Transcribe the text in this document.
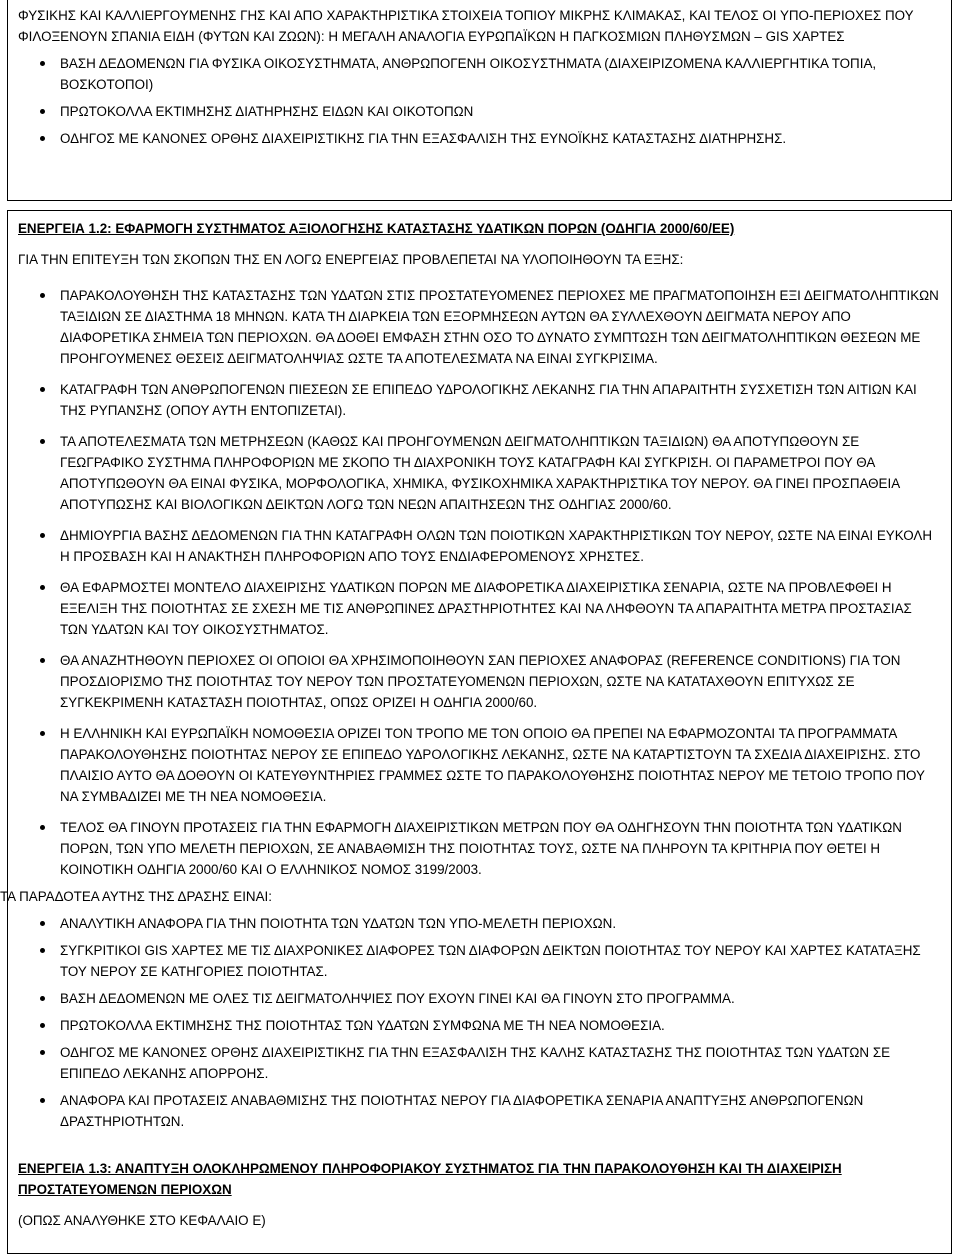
ΦΥΣΙΚΗΣ ΚΑΙ ΚΑΛΛΙΕΡΓΟΥΜΕΝΗΣ ΓΗΣ ΚΑΙ ΑΠΟ ΧΑΡΑΚΤΗΡΙΣΤΙΚΑ ΣΤΟΙΧΕΙΑ ΤΟΠΙΟΥ ΜΙΚΡΗΣ ΚΛΙΜΑΚΑΣ, ΚΑΙ ΤΕΛΟΣ ΟΙ ΥΠΟ-ΠΕΡΙΟΧΕΣ ΠΟΥ ΦΙΛΟΞΕΝΟΥΝ ΣΠΑΝΙΑ ΕΙΔΗ (ΦΥΤΩΝ ΚΑΙ ΖΩΩΝ): Η ΜΕΓΑΛΗ ΑΝΑΛΟΓΙΑ ΕΥΡΩΠΑΪΚΩΝ Η ΠΑΓΚΟΣΜΙΩΝ ΠΛΗΘΥΣΜΩΝ – GIS ΧΑΡΤΕΣ

ΒΑΣΗ ΔΕΔΟΜΕΝΩΝ ΓΙΑ ΦΥΣΙΚΑ ΟΙΚΟΣΥΣΤΗΜΑΤΑ, ΑΝΘΡΩΠΟΓΕΝΗ ΟΙΚΟΣΥΣΤΗΜΑΤΑ (ΔΙΑΧΕΙΡΙΖΟΜΕΝΑ ΚΑΛΛΙΕΡΓΗΤΙΚΑ ΤΟΠΙΑ, ΒΟΣΚΟΤΟΠΟΙ)
ΠΡΩΤΟΚΟΛΛΑ ΕΚΤΙΜΗΣΗΣ ΔΙΑΤΗΡΗΣΗΣ ΕΙΔΩΝ ΚΑΙ ΟΙΚΟΤΟΠΩΝ
ΟΔΗΓΟΣ ΜΕ ΚΑΝΟΝΕΣ ΟΡΘΗΣ ΔΙΑΧΕΙΡΙΣΤΙΚΗΣ ΓΙΑ ΤΗΝ ΕΞΑΣΦΑΛΙΣΗ ΤΗΣ ΕΥΝΟΪΚΗΣ ΚΑΤΑΣΤΑΣΗΣ ΔΙΑΤΗΡΗΣΗΣ.

ΕΝΕΡΓΕΙΑ 1.2: ΕΦΑΡΜΟΓΗ ΣΥΣΤΗΜΑΤΟΣ ΑΞΙΟΛΟΓΗΣΗΣ ΚΑΤΑΣΤΑΣΗΣ ΥΔΑΤΙΚΩΝ ΠΟΡΩΝ (ΟΔΗΓΙΑ 2000/60/ΕΕ)

ΓΙΑ ΤΗΝ ΕΠΙΤΕΥΞΗ ΤΩΝ ΣΚΟΠΩΝ ΤΗΣ ΕΝ ΛΟΓΩ ΕΝΕΡΓΕΙΑΣ ΠΡΟΒΛΕΠΕΤΑΙ ΝΑ ΥΛΟΠΟΙΗΘΟΥΝ ΤΑ ΕΞΗΣ:

ΠΑΡΑΚΟΛΟΥΘΗΣΗ ΤΗΣ ΚΑΤΑΣΤΑΣΗΣ ΤΩΝ ΥΔΑΤΩΝ ΣΤΙΣ ΠΡΟΣΤΑΤΕΥΟΜΕΝΕΣ ΠΕΡΙΟΧΕΣ ΜΕ ΠΡΑΓΜΑΤΟΠΟΙΗΣΗ ΕΞΙ ΔΕΙΓΜΑΤΟΛΗΠΤΙΚΩΝ ΤΑΞΙΔΙΩΝ ΣΕ ΔΙΑΣΤΗΜΑ 18 ΜΗΝΩΝ. ΚΑΤΑ ΤΗ ΔΙΑΡΚΕΙΑ ΤΩΝ ΕΞΟΡΜΗΣΕΩΝ ΑΥΤΩΝ ΘΑ ΣΥΛΛΕΧΘΟΥΝ ΔΕΙΓΜΑΤΑ ΝΕΡΟΥ ΑΠΟ ΔΙΑΦΟΡΕΤΙΚΑ ΣΗΜΕΙΑ ΤΩΝ ΠΕΡΙΟΧΩΝ. ΘΑ ΔΟΘΕΙ ΕΜΦΑΣΗ ΣΤΗΝ ΟΣΟ ΤΟ ΔΥΝΑΤΟ ΣΥΜΠΤΩΣΗ ΤΩΝ ΔΕΙΓΜΑΤΟΛΗΠΤΙΚΩΝ ΘΕΣΕΩΝ ΜΕ ΠΡΟΗΓΟΥΜΕΝΕΣ ΘΕΣΕΙΣ ΔΕΙΓΜΑΤΟΛΗΨΙΑΣ ΩΣΤΕ ΤΑ ΑΠΟΤΕΛΕΣΜΑΤΑ ΝΑ ΕΙΝΑΙ ΣΥΓΚΡΙΣΙΜΑ.
ΚΑΤΑΓΡΑΦΗ ΤΩΝ ΑΝΘΡΩΠΟΓΕΝΩΝ ΠΙΕΣΕΩΝ ΣΕ ΕΠΙΠΕΔΟ ΥΔΡΟΛΟΓΙΚΗΣ ΛΕΚΑΝΗΣ ΓΙΑ ΤΗΝ ΑΠΑΡΑΙΤΗΤΗ ΣΥΣΧΕΤΙΣΗ ΤΩΝ ΑΙΤΙΩΝ ΚΑΙ ΤΗΣ ΡΥΠΑΝΣΗΣ (ΟΠΟΥ ΑΥΤΗ ΕΝΤΟΠΙΖΕΤΑΙ).
ΤΑ ΑΠΟΤΕΛΕΣΜΑΤΑ ΤΩΝ ΜΕΤΡΗΣΕΩΝ (ΚΑΘΩΣ ΚΑΙ ΠΡΟΗΓΟΥΜΕΝΩΝ ΔΕΙΓΜΑΤΟΛΗΠΤΙΚΩΝ ΤΑΞΙΔΙΩΝ) ΘΑ ΑΠΟΤΥΠΩΘΟΥΝ ΣΕ ΓΕΩΓΡΑΦΙΚΟ ΣΥΣΤΗΜΑ ΠΛΗΡΟΦΟΡΙΩΝ ΜΕ ΣΚΟΠΟ ΤΗ ΔΙΑΧΡΟΝΙΚΗ ΤΟΥΣ ΚΑΤΑΓΡΑΦΗ ΚΑΙ ΣΥΓΚΡΙΣΗ. ΟΙ ΠΑΡΑΜΕΤΡΟΙ ΠΟΥ ΘΑ ΑΠΟΤΥΠΩΘΟΥΝ ΘΑ ΕΙΝΑΙ ΦΥΣΙΚΑ, ΜΟΡΦΟΛΟΓΙΚΑ, ΧΗΜΙΚΑ, ΦΥΣΙΚΟΧΗΜΙΚΑ ΧΑΡΑΚΤΗΡΙΣΤΙΚΑ ΤΟΥ ΝΕΡΟΥ. ΘΑ ΓΙΝΕΙ ΠΡΟΣΠΑΘΕΙΑ ΑΠΟΤΥΠΩΣΗΣ ΚΑΙ ΒΙΟΛΟΓΙΚΩΝ ΔΕΙΚΤΩΝ ΛΟΓΩ ΤΩΝ ΝΕΩΝ ΑΠΑΙΤΗΣΕΩΝ ΤΗΣ ΟΔΗΓΙΑΣ 2000/60.
ΔΗΜΙΟΥΡΓΙΑ ΒΑΣΗΣ ΔΕΔΟΜΕΝΩΝ ΓΙΑ ΤΗΝ ΚΑΤΑΓΡΑΦΗ ΟΛΩΝ ΤΩΝ ΠΟΙΟΤΙΚΩΝ ΧΑΡΑΚΤΗΡΙΣΤΙΚΩΝ ΤΟΥ ΝΕΡΟΥ, ΩΣΤΕ ΝΑ ΕΙΝΑΙ ΕΥΚΟΛΗ Η ΠΡΟΣΒΑΣΗ ΚΑΙ Η ΑΝΑΚΤΗΣΗ ΠΛΗΡΟΦΟΡΙΩΝ ΑΠΟ ΤΟΥΣ ΕΝΔΙΑΦΕΡΟΜΕΝΟΥΣ ΧΡΗΣΤΕΣ.
ΘΑ ΕΦΑΡΜΟΣΤΕΙ ΜΟΝΤΕΛΟ ΔΙΑΧΕΙΡΙΣΗΣ ΥΔΑΤΙΚΩΝ ΠΟΡΩΝ ΜΕ ΔΙΑΦΟΡΕΤΙΚΑ ΔΙΑΧΕΙΡΙΣΤΙΚΑ ΣΕΝΑΡΙΑ, ΩΣΤΕ ΝΑ ΠΡΟΒΛΕΦΘΕΙ Η ΕΞΕΛΙΞΗ ΤΗΣ ΠΟΙΟΤΗΤΑΣ ΣΕ ΣΧΕΣΗ ΜΕ ΤΙΣ ΑΝΘΡΩΠΙΝΕΣ ΔΡΑΣΤΗΡΙΟΤΗΤΕΣ ΚΑΙ ΝΑ ΛΗΦΘΟΥΝ ΤΑ ΑΠΑΡΑΙΤΗΤΑ ΜΕΤΡΑ ΠΡΟΣΤΑΣΙΑΣ ΤΩΝ ΥΔΑΤΩΝ ΚΑΙ ΤΟΥ ΟΙΚΟΣΥΣΤΗΜΑΤΟΣ.
ΘΑ ΑΝΑΖΗΤΗΘΟΥΝ ΠΕΡΙΟΧΕΣ ΟΙ ΟΠΟΙΟΙ ΘΑ ΧΡΗΣΙΜΟΠΟΙΗΘΟΥΝ ΣΑΝ ΠΕΡΙΟΧΕΣ ΑΝΑΦΟΡΑΣ (REFERENCE CONDITIONS) ΓΙΑ ΤΟΝ ΠΡΟΣΔΙΟΡΙΣΜΟ ΤΗΣ ΠΟΙΟΤΗΤΑΣ ΤΟΥ ΝΕΡΟΥ ΤΩΝ ΠΡΟΣΤΑΤΕΥΟΜΕΝΩΝ ΠΕΡΙΟΧΩΝ, ΩΣΤΕ ΝΑ ΚΑΤΑΤΑΧΘΟΥΝ ΕΠΙΤΥΧΩΣ ΣΕ ΣΥΓΚΕΚΡΙΜΕΝΗ ΚΑΤΑΣΤΑΣΗ ΠΟΙΟΤΗΤΑΣ, ΟΠΩΣ ΟΡΙΖΕΙ Η ΟΔΗΓΙΑ 2000/60.
Η ΕΛΛΗΝΙΚΗ ΚΑΙ ΕΥΡΩΠΑΪΚΗ ΝΟΜΟΘΕΣΙΑ ΟΡΙΖΕΙ ΤΟΝ ΤΡΟΠΟ ΜΕ ΤΟΝ ΟΠΟΙΟ ΘΑ ΠΡΕΠΕΙ ΝΑ ΕΦΑΡΜΟΖΟΝΤΑΙ ΤΑ ΠΡΟΓΡΑΜΜΑΤΑ ΠΑΡΑΚΟΛΟΥΘΗΣΗΣ ΠΟΙΟΤΗΤΑΣ ΝΕΡΟΥ ΣΕ ΕΠΙΠΕΔΟ ΥΔΡΟΛΟΓΙΚΗΣ ΛΕΚΑΝΗΣ, ΩΣΤΕ ΝΑ ΚΑΤΑΡΤΙΣΤΟΥΝ ΤΑ ΣΧΕΔΙΑ ΔΙΑΧΕΙΡΙΣΗΣ. ΣΤΟ ΠΛΑΙΣΙΟ ΑΥΤΟ ΘΑ ΔΟΘΟΥΝ ΟΙ ΚΑΤΕΥΘΥΝΤΗΡΙΕΣ ΓΡΑΜΜΕΣ ΩΣΤΕ ΤΟ ΠΑΡΑΚΟΛΟΥΘΗΣΗΣ ΠΟΙΟΤΗΤΑΣ ΝΕΡΟΥ ΜΕ ΤΕΤΟΙΟ ΤΡΟΠΟ ΠΟΥ ΝΑ ΣΥΜΒΑΔΙΖΕΙ ΜΕ ΤΗ ΝΕΑ ΝΟΜΟΘΕΣΙΑ.
ΤΕΛΟΣ ΘΑ ΓΙΝΟΥΝ ΠΡΟΤΑΣΕΙΣ ΓΙΑ ΤΗΝ ΕΦΑΡΜΟΓΗ ΔΙΑΧΕΙΡΙΣΤΙΚΩΝ ΜΕΤΡΩΝ ΠΟΥ ΘΑ ΟΔΗΓΗΣΟΥΝ ΤΗΝ ΠΟΙΟΤΗΤΑ ΤΩΝ ΥΔΑΤΙΚΩΝ ΠΟΡΩΝ, ΤΩΝ ΥΠΟ ΜΕΛΕΤΗ ΠΕΡΙΟΧΩΝ, ΣΕ ΑΝΑΒΑΘΜΙΣΗ ΤΗΣ ΠΟΙΟΤΗΤΑΣ ΤΟΥΣ, ΩΣΤΕ ΝΑ ΠΛΗΡΟΥΝ ΤΑ ΚΡΙΤΗΡΙΑ ΠΟΥ ΘΕΤΕΙ Η ΚΟΙΝΟΤΙΚΗ ΟΔΗΓΙΑ 2000/60 ΚΑΙ Ο ΕΛΛΗΝΙΚΟΣ ΝΟΜΟΣ 3199/2003.

ΤΑ ΠΑΡΑΔΟΤΕΑ ΑΥΤΗΣ ΤΗΣ ΔΡΑΣΗΣ ΕΙΝΑΙ:

ΑΝΑΛΥΤΙΚΗ ΑΝΑΦΟΡΑ ΓΙΑ ΤΗΝ ΠΟΙΟΤΗΤΑ ΤΩΝ ΥΔΑΤΩΝ ΤΩΝ ΥΠΟ-ΜΕΛΕΤΗ ΠΕΡΙΟΧΩΝ.
ΣΥΓΚΡΙΤΙΚΟΙ GIS ΧΑΡΤΕΣ ΜΕ ΤΙΣ ΔΙΑΧΡΟΝΙΚΕΣ ΔΙΑΦΟΡΕΣ ΤΩΝ ΔΙΑΦΟΡΩΝ ΔΕΙΚΤΩΝ ΠΟΙΟΤΗΤΑΣ ΤΟΥ ΝΕΡΟΥ ΚΑΙ ΧΑΡΤΕΣ ΚΑΤΑΤΑΞΗΣ ΤΟΥ ΝΕΡΟΥ ΣΕ ΚΑΤΗΓΟΡΙΕΣ ΠΟΙΟΤΗΤΑΣ.
ΒΑΣΗ ΔΕΔΟΜΕΝΩΝ ΜΕ ΟΛΕΣ ΤΙΣ ΔΕΙΓΜΑΤΟΛΗΨΙΕΣ ΠΟΥ ΕΧΟΥΝ ΓΙΝΕΙ ΚΑΙ ΘΑ ΓΙΝΟΥΝ ΣΤΟ ΠΡΟΓΡΑΜΜΑ.
ΠΡΩΤΟΚΟΛΛΑ ΕΚΤΙΜΗΣΗΣ ΤΗΣ ΠΟΙΟΤΗΤΑΣ ΤΩΝ ΥΔΑΤΩΝ ΣΥΜΦΩΝΑ ΜΕ ΤΗ ΝΕΑ ΝΟΜΟΘΕΣΙΑ.
ΟΔΗΓΟΣ ΜΕ ΚΑΝΟΝΕΣ ΟΡΘΗΣ ΔΙΑΧΕΙΡΙΣΤΙΚΗΣ ΓΙΑ ΤΗΝ ΕΞΑΣΦΑΛΙΣΗ ΤΗΣ ΚΑΛΗΣ ΚΑΤΑΣΤΑΣΗΣ ΤΗΣ ΠΟΙΟΤΗΤΑΣ ΤΩΝ ΥΔΑΤΩΝ ΣΕ ΕΠΙΠΕΔΟ ΛΕΚΑΝΗΣ ΑΠΟΡΡΟΗΣ.
ΑΝΑΦΟΡΑ ΚΑΙ ΠΡΟΤΑΣΕΙΣ ΑΝΑΒΑΘΜΙΣΗΣ ΤΗΣ ΠΟΙΟΤΗΤΑΣ ΝΕΡΟΥ ΓΙΑ ΔΙΑΦΟΡΕΤΙΚΑ ΣΕΝΑΡΙΑ ΑΝΑΠΤΥΞΗΣ ΑΝΘΡΩΠΟΓΕΝΩΝ ΔΡΑΣΤΗΡΙΟΤΗΤΩΝ.

ΕΝΕΡΓΕΙΑ 1.3: ΑΝΑΠΤΥΞΗ ΟΛΟΚΛΗΡΩΜΕΝΟΥ ΠΛΗΡΟΦΟΡΙΑΚΟΥ ΣΥΣΤΗΜΑΤΟΣ ΓΙΑ ΤΗΝ ΠΑΡΑΚΟΛΟΥΘΗΣΗ ΚΑΙ ΤΗ ΔΙΑΧΕΙΡΙΣΗ ΠΡΟΣΤΑΤΕΥΟΜΕΝΩΝ ΠΕΡΙΟΧΩΝ

(ΟΠΩΣ ΑΝΑΛΥΘΗΚΕ ΣΤΟ ΚΕΦΑΛΑΙΟ Ε)
